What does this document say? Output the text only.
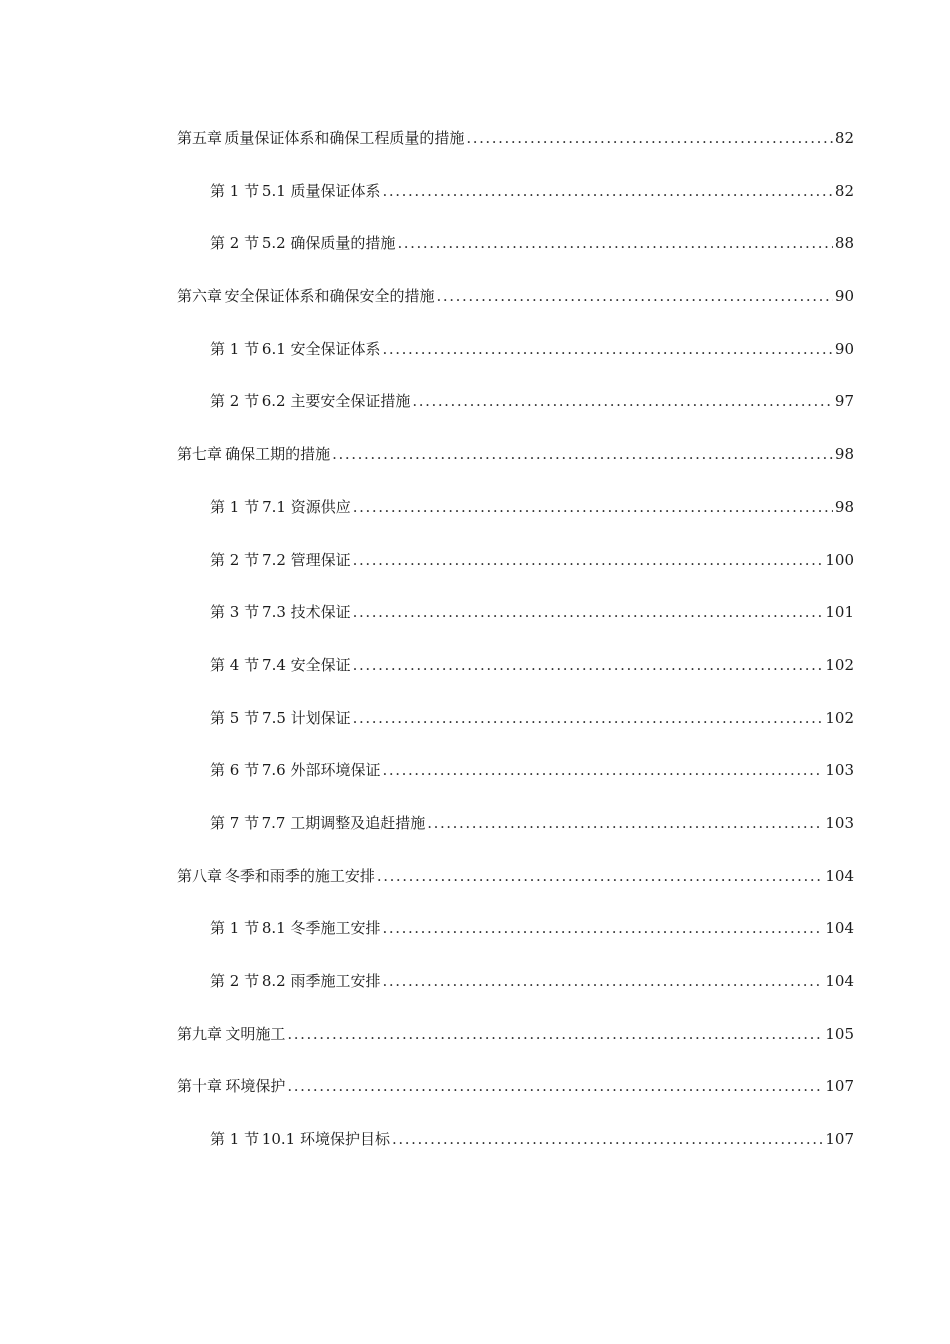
第五章 质量保证体系和确保工程质量的措施 .....	82
第 1 节 5.1 质量保证体系 .....	82
第 2 节 5.2 确保质量的措施 .....	88
第六章 安全保证体系和确保安全的措施 .....	90
第 1 节 6.1 安全保证体系 .....	90
第 2 节 6.2 主要安全保证措施 .....	97
第七章 确保工期的措施 .....	98
第 1 节 7.1 资源供应 .....	98
第 2 节 7.2 管理保证 .....	100
第 3 节 7.3 技术保证 .....	101
第 4 节 7.4 安全保证 .....	102
第 5 节 7.5 计划保证 .....	102
第 6 节 7.6 外部环境保证 .....	103
第 7 节 7.7 工期调整及追赶措施 .....	103
第八章 冬季和雨季的施工安排 .....	104
第 1 节 8.1 冬季施工安排 .....	104
第 2 节 8.2 雨季施工安排 .....	104
第九章 文明施工 .....	105
第十章 环境保护 .....	107
第 1 节 10.1 环境保护目标 .....	107
